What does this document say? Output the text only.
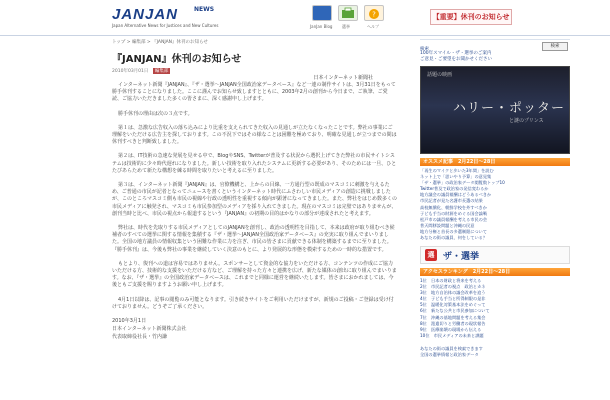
JANJAN	NEWS
Japan Alternative News for Justices and New Cultures	JanJan Blog 選挙
?
ヘルプ
【重要】休刊のお知らせ
トップ > 編集部 > 『JANJAN』休刊のお知らせ
『JANJAN』休刊のお知らせ
2010年03月01日 編集部
日本インターネット新聞社

インターネット新聞『JANJAN』、『ザ・選挙～JANJAN全国政治家データベース』など一連の制作サイトは、3月31日をもって勝手休刊することになりました。ここに謹んでお知らせ致しますとともに、2003年2月の創刊から今日まで、ご執筆、ご愛読、ご協力いただきました多くの皆さまに、深く感謝申し上げます。

勝手休刊の理由は次の３点です。

第１は、急激な広告収入の落ち込みにより比重を支えられてきた収入の見通しが立たなくなったことです。弊社の事業にご理解をいただける広告主を探しております。この不況下ではその様なことは困難を極めており、明確な見通しが立つまでの間は休刊すべきと判断致しました。

第２は、IT技術の急速な発展を見せる中で、BlogやSNS、Twitterが普及する状況から選択上げてきた弊社の市民サイトシステムは技術的に少々時代遅れになりました。新しい技術を取り入れたシステムに更新する必要があり、そのためには一旦、ひとたびあらためて新たな構想を練る時間を取りたいと考えるに至りました。

第３は、インターネット新聞『JANJAN』は、官僚機構と、上からの目線、一方通行型の既成のマスコミに刺激を与えるため、ご普通の市民が記者となってニュースを書くというインターネット時代にふさわしい市民メディアの創造に挑戦しましたが、このところマスコミ側も市民の視線や行政の透明性を重視する傾向が顕著になってきました。また、弊社をはじめ数多くの市民メディアに触発され、マスコミも市民参加型のメディアを採り入れてきました。現在のマスコミは完璧ではありませんが、創刊当時と比べ、市民の視点から報道するという『JANJAN』の初期の目的はかなりの部分が達成されたと考えます。

弊社は、時代を先取りする市民メディアとしてのJANJANを創刊し、政治の透明性を目指して、本来は政府が取り組むべき候補者のすべての選挙に関する情報を集積する『ザ・選挙～JANJAN全国政治家データベース』の充実に取り組んでまいりました。全国の地方議員の情報収集という困難な作業に力を注ぎ、市民の皆さまに貢献できる体制を構築するまでに至りました。『勝手休刊』は、今後も弊社の事業を継続していく決意のもとに、より発展的な形態を模索するための一時的な措置です。

もとより、復刊への道は容易ではありません。スポンサーとして資金的な協力をいただける方、コンテンツの作成にご協力いただける方、技術的な支援をいただける方など、ご理解を持った方々と連携を広げ、新たな媒体の創出に取り組んでまいります。なお、『ザ・選挙』の全国政治家データベースは、これまでと同様に運営を継続いたします。皆さまにおかれましては、今後ともご支援を賜りますようお願い申し上げます。

4月1日以降は、記事の閲覧のみ可能となります。引き続きサイトをご利用いただけますが、新規のご投稿・ご登録は受け付けておりません。どうぞご了承ください。

2010年3月1日

日本インターネット新聞株式会社

代表取締役社長・竹内謙

検索
検索
100年スマイル・ザ・選挙のご案内
ご意見・ご要望をお聞かせください
話題の映画
ハリー・ポッター
と謎のプリンス
オススメ記事　2月22日～28日
「再生のマイクと歩いた3年間」を読む
ネット上で「思いやり予算」の意見集
「ザ・選挙」の政治家データ閲覧数トップ10
Twitter普及で政治家の発信変わるか
地方議会の議員報酬はどうあるべきか
市民記者が見た名護市長選の結果
高校無償化、朝鮮学校を外すべきか
子ども手当の財源をめぐる国会論戦
松戸市の議員報酬を考える市民の会
普天間移設問題と沖縄の民意
地方分権と首長の多選制限について
あなたの街の議員、何をしている？
選 ザ・選挙
アクセスランキング　2月22日～28日
1位　日本の財政と将来を考える
2位　市民記者の視点　政治とカネ
3位　地方自治体の議会改革を追う
4位　子ども手当と所得制限の是非
5位　温暖化対策基本法をめぐって
6位　新たな公共と市民参加について
7位　沖縄の基地問題を考える集会
8位　派遣切りと労働者の現状報告
9位　医療崩壊の現場から伝える
10位　市民メディアの未来と課題
あなたの街の議員を検索できます
全国の選挙情報と政治家データ
